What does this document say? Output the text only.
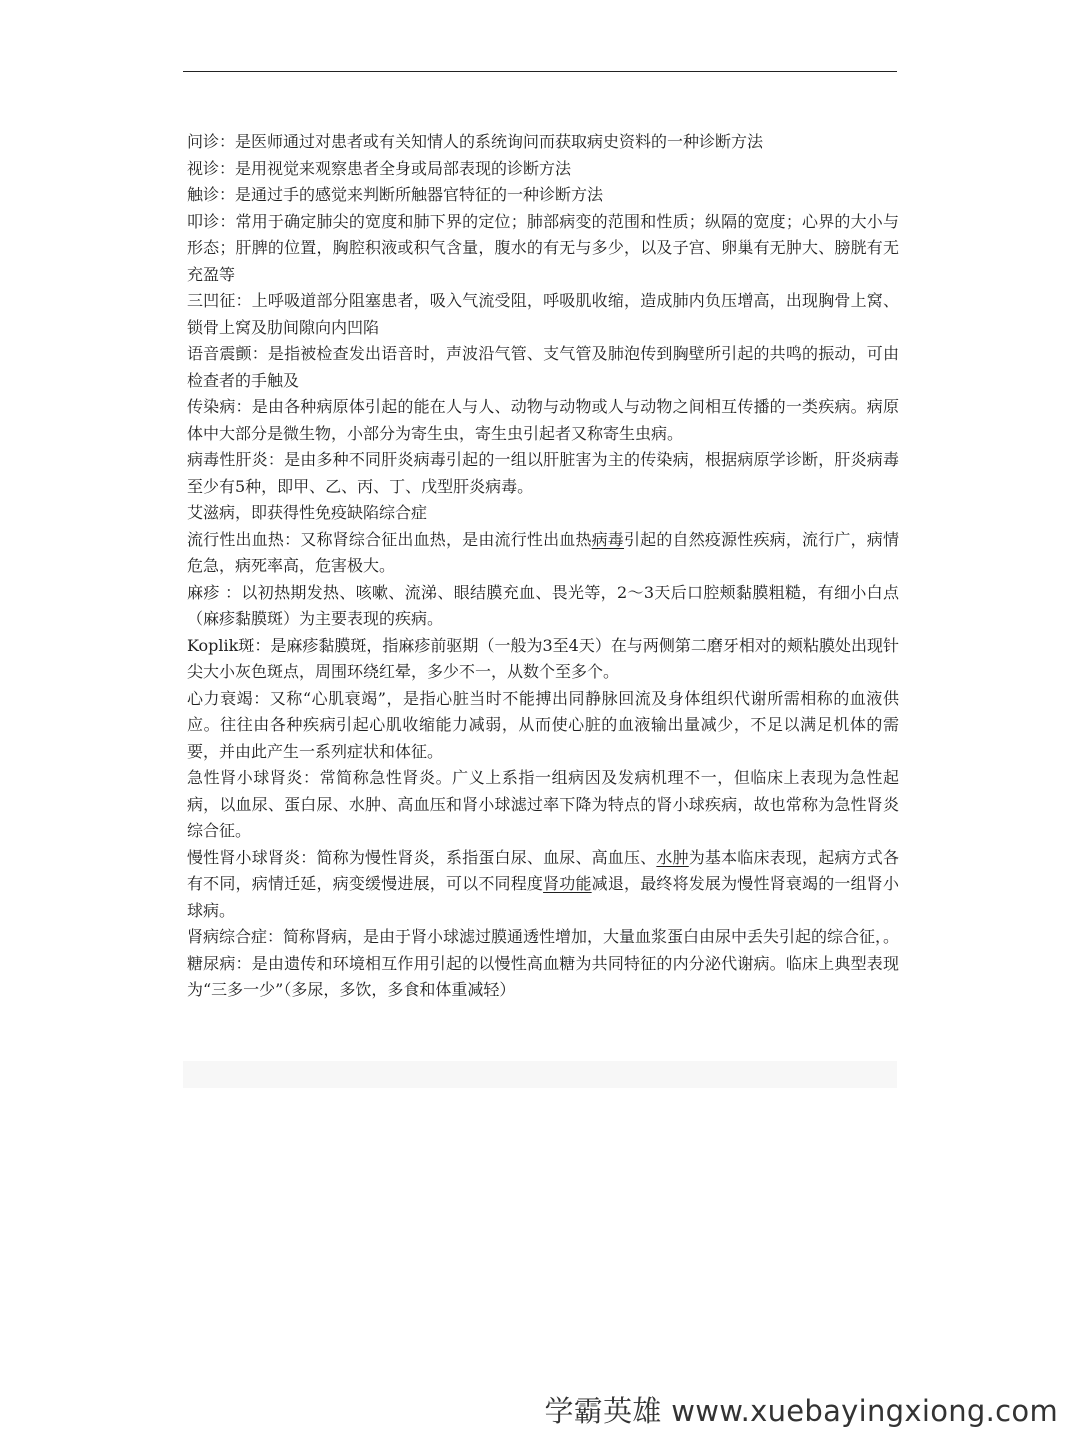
问诊：是医师通过对患者或有关知情人的系统询问而获取病史资料的一种诊断方法

视诊：是用视觉来观察患者全身或局部表现的诊断方法

触诊：是通过手的感觉来判断所触器官特征的一种诊断方法

叩诊：常用于确定肺尖的宽度和肺下界的定位；肺部病变的范围和性质；纵隔的宽度；心界的大小与形态；肝脾的位置，胸腔积液或积气含量，腹水的有无与多少，以及子宫、卵巢有无肿大、膀胱有无充盈等

三凹征：上呼吸道部分阻塞患者，吸入气流受阻，呼吸肌收缩，造成肺内负压增高，出现胸骨上窝、锁骨上窝及肋间隙向内凹陷

语音震颤：是指被检查发出语音时，声波沿气管、支气管及肺泡传到胸壁所引起的共鸣的振动，可由检查者的手触及

传染病：是由各种病原体引起的能在人与人、动物与动物或人与动物之间相互传播的一类疾病。病原体中大部分是微生物，小部分为寄生虫，寄生虫引起者又称寄生虫病。

病毒性肝炎：是由多种不同肝炎病毒引起的一组以肝脏害为主的传染病，根据病原学诊断，肝炎病毒至少有5种，即甲、乙、丙、丁、戊型肝炎病毒。

艾滋病，即获得性免疫缺陷综合症

流行性出血热：又称肾综合征出血热，是由流行性出血热病毒引起的自然疫源性疾病，流行广，病情危急，病死率高，危害极大。

麻疹 ：以初热期发热、咳嗽、流涕、眼结膜充血、畏光等，2～3天后口腔颊黏膜粗糙，有细小白点（麻疹黏膜斑）为主要表现的疾病。

Koplik斑：是麻疹黏膜斑，指麻疹前驱期（一般为3至4天）在与两侧第二磨牙相对的颊粘膜处出现针尖大小灰色斑点，周围环绕红晕，多少不一，从数个至多个。

心力衰竭：又称“心肌衰竭”，是指心脏当时不能搏出同静脉回流及身体组织代谢所需相称的血液供应。往往由各种疾病引起心肌收缩能力减弱，从而使心脏的血液输出量减少，不足以满足机体的需要，并由此产生一系列症状和体征。

急性肾小球肾炎：常简称急性肾炎。广义上系指一组病因及发病机理不一，但临床上表现为急性起病，以血尿、蛋白尿、水肿、高血压和肾小球滤过率下降为特点的肾小球疾病，故也常称为急性肾炎综合征。

慢性肾小球肾炎：简称为慢性肾炎，系指蛋白尿、血尿、高血压、水肿为基本临床表现，起病方式各有不同，病情迁延，病变缓慢进展，可以不同程度肾功能减退，最终将发展为慢性肾衰竭的一组肾小球病。

肾病综合症：简称肾病，是由于肾小球滤过膜通透性增加，大量血浆蛋白由尿中丢失引起的综合征，。

糖尿病：是由遗传和环境相互作用引起的以慢性高血糖为共同特征的内分泌代谢病。临床上典型表现为“三多一少”（多尿，多饮，多食和体重减轻）

学霸英雄 www.xuebayingxiong.com
